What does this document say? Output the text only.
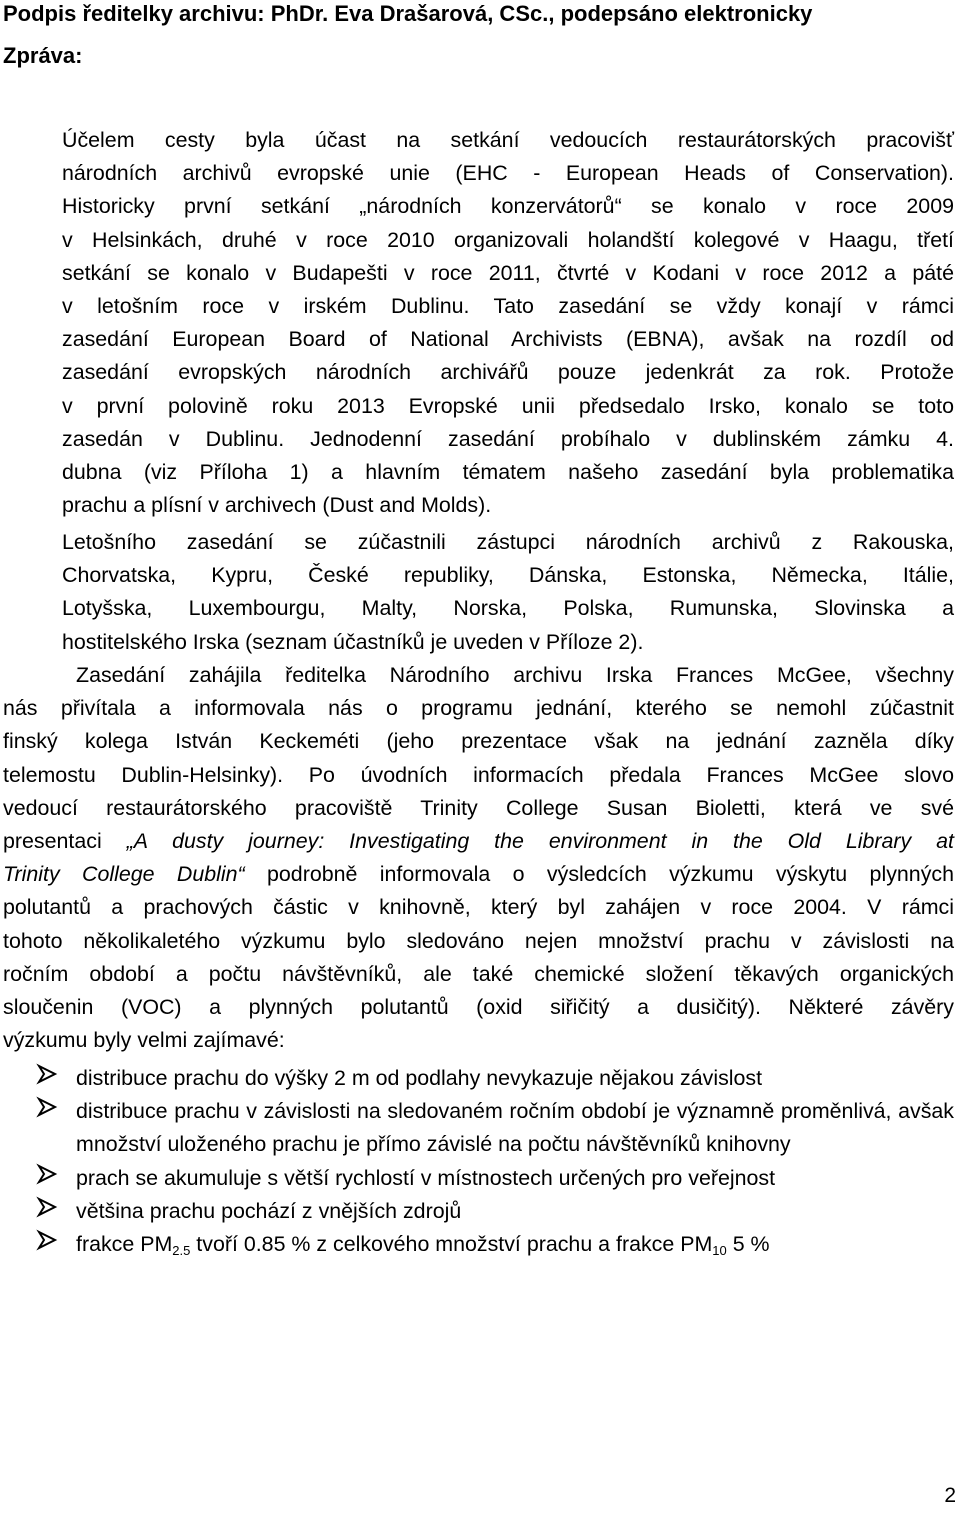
Podpis ředitelky archivu: PhDr. Eva Drašarová, CSc., podepsáno elektronicky
Zpráva:
Účelem cesty byla účast na setkání vedoucích restaurátorských pracovišť
národních archivů evropské unie (EHC - European Heads of Conservation).
Historicky první setkání „národních konzervátorů“ se konalo v roce 2009
v Helsinkách, druhé v roce 2010 organizovali holandští kolegové v Haagu, třetí
setkání se konalo v Budapešti v roce 2011, čtvrté v Kodani v roce 2012 a páté
v letošním roce v irském Dublinu. Tato zasedání se vždy konají v rámci
zasedání European Board of National Archivists (EBNA), avšak na rozdíl od
zasedání evropských národních archivářů pouze jedenkrát za rok. Protože
v první polovině roku 2013 Evropské unii předsedalo Irsko, konalo se toto
zasedán v Dublinu. Jednodenní zasedání probíhalo v dublinském zámku 4.
dubna (viz Příloha 1) a hlavním tématem našeho zasedání byla problematika
prachu a plísní v archivech (Dust and Molds).
Letošního zasedání se zúčastnili zástupci národních archivů z Rakouska,
Chorvatska, Kypru, České republiky, Dánska, Estonska, Německa, Itálie,
Lotyšska, Luxembourgu, Malty, Norska, Polska, Rumunska, Slovinska a
hostitelského Irska (seznam účastníků je uveden v Příloze 2).
Zasedání zahájila ředitelka Národního archivu Irska Frances McGee, všechny
nás přivítala a informovala nás o programu jednání, kterého se nemohl zúčastnit
finský kolega István Keckeméti (jeho prezentace však na jednání zazněla díky
telemostu Dublin-Helsinky). Po úvodních informacích předala Frances McGee slovo
vedoucí restaurátorského pracoviště Trinity College Susan Bioletti, která ve své
presentaci „A dusty journey: Investigating the environment in the Old Library at
Trinity College Dublin“ podrobně informovala o výsledcích výzkumu výskytu plynných
polutantů a prachových částic v knihovně, který byl zahájen v roce 2004. V rámci
tohoto několikaletého výzkumu bylo sledováno nejen množství prachu v závislosti na
ročním období a počtu návštěvníků, ale také chemické složení těkavých organických
sloučenin (VOC) a plynných polutantů (oxid siřičitý a dusičitý). Některé závěry
výzkumu byly velmi zajímavé:
distribuce prachu do výšky 2 m od podlahy nevykazuje nějakou závislost
distribuce prachu v závislosti na sledovaném ročním období je významně proměnlivá, avšak množství uloženého prachu je přímo závislé na počtu návštěvníků knihovny
prach se akumuluje s větší rychlostí v místnostech určených pro veřejnost
většina prachu pochází z vnějších zdrojů
frakce $PM_{2.5}$ tvoří 0.85 % z celkového množství prachu a frakce $PM_{10}$ 5 %
2
